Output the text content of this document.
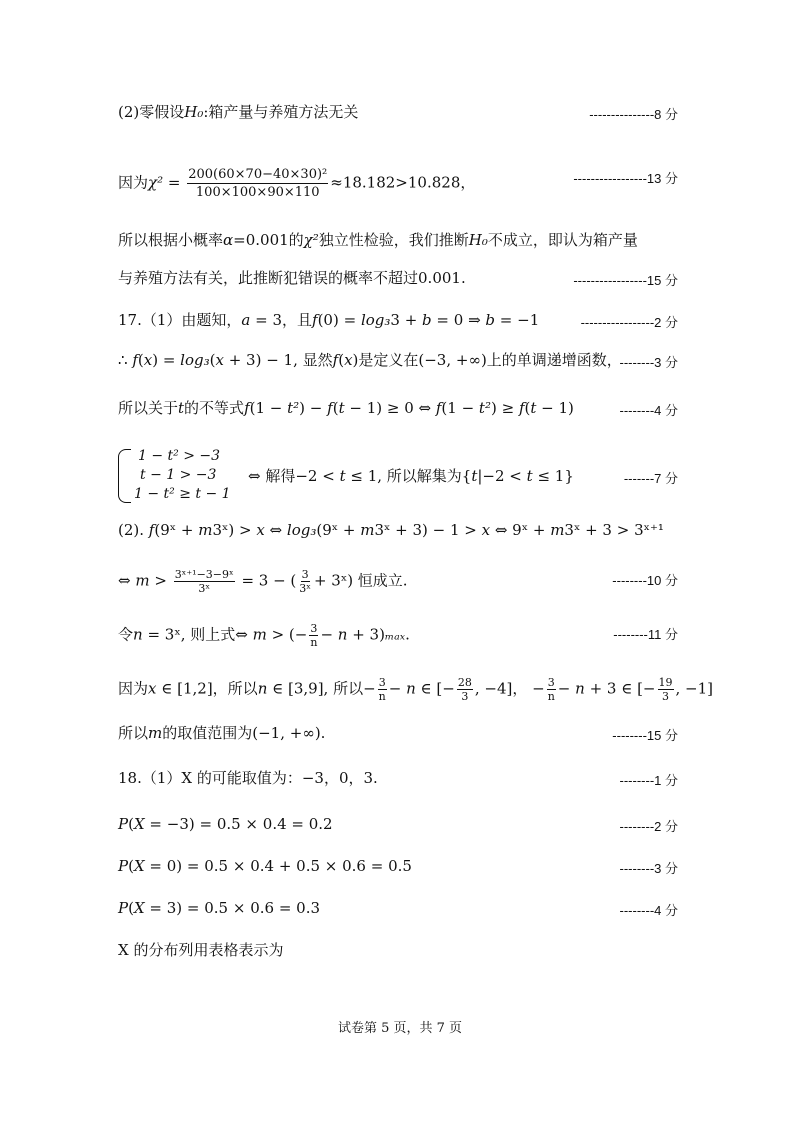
1 − t² > −3
t − 1 > −3
1 − t² ≥ t − 1
试卷第 5 页，共 7 页
(2)零假设H₀:箱产量与养殖方法无关	---------------8 分
因为$\chi^2 = \frac{\text{200(60×70−40×30)²}}{100\times 100\times 90\times 110} \approx 18.182>10.828$，	-----------------13 分
所以根据小概率α=0.001的χ²独立性检验，我们推断H₀不成立，即认为箱产量
与养殖方法有关，此推断犯错误的概率不超过0.001.	-----------------15 分
17.（1）由题知，a = 3，且f(0) = log₃3 + b = 0 ⇒ b = −1	-----------------2 分
∴ f(x) = log₃(x + 3) − 1, 显然f(x)是定义在(−3, +∞)上的单调递增函数，
--------3 分
所以关于t的不等式f(1 − t²) − f(t − 1) ≥ 0 ⇔ f(1 − t²) ≥ f(t − 1)	--------4 分
⇔ 解得−2 < t ≤ 1, 所以解集为{t|−2 < t ≤ 1}	-------7 分
(2). f(9ˣ + m3ˣ) > x ⇔ log₃(9ˣ + m3ˣ + 3) − 1 > x ⇔ 9ˣ + m3ˣ + 3 > 3ˣ⁺¹
⇔ $m > \frac{\text{3ˣ⁺¹−3−9ˣ}}{\text{3ˣ}} = 3$ − ( $\frac{3}{\text{3ˣ}}$ + 3ˣ) 恒成立.	--------10 分
令n = 3ˣ, 则上式⇔ m > (− $\frac{3}{n} - n + 3)_{max}$.	--------11 分
因为x ∈ [1,2]，所以n ∈ [3,9], 所以− $\frac{3}{n} - n$ ∈ [− $\frac{28}{3}$ , −4]， − $\frac{3}{n} - n + 3$ ∈ [− $\frac{19}{3}$ , −1]
所以m的取值范围为(−1, +∞).	--------15 分
18.（1）X 的可能取值为：−3，0，3.	--------1 分
P(X = −3) = 0.5 × 0.4 = 0.2	--------2 分
P(X = 0) = 0.5 × 0.4 + 0.5 × 0.6 = 0.5	--------3 分
P(X = 3) = 0.5 × 0.6 = 0.3	--------4 分
X 的分布列用表格表示为
